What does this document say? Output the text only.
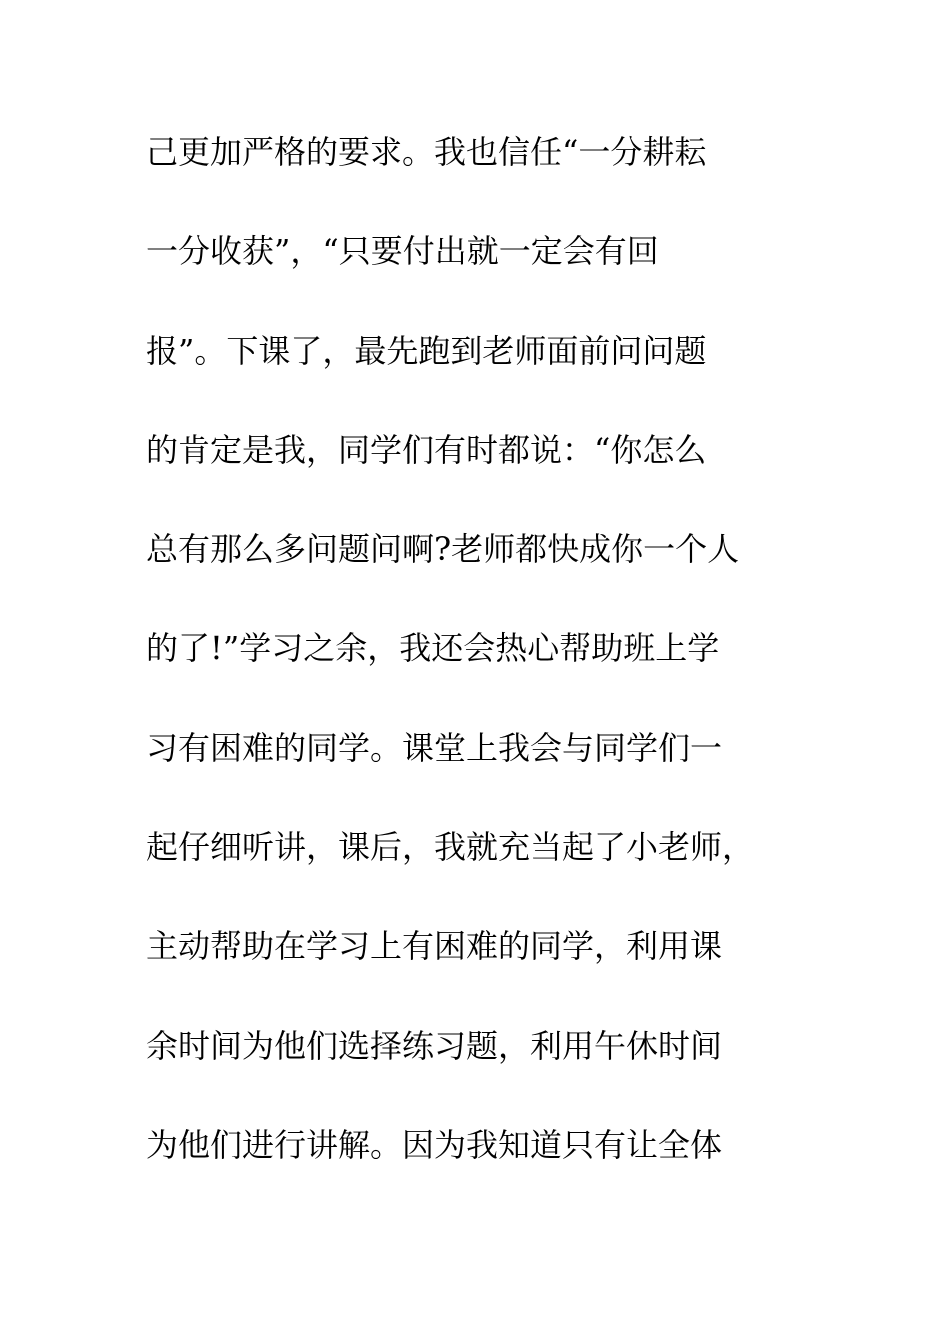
己更加严格的要求。我也信任“一分耕耘
一分收获”，“只要付出就一定会有回
报”。下课了，最先跑到老师面前问问题
的肯定是我，同学们有时都说：“你怎么
总有那么多问题问啊?老师都快成你一个人
的了!”学习之余，我还会热心帮助班上学
习有困难的同学。课堂上我会与同学们一
起仔细听讲，课后，我就充当起了小老师，
主动帮助在学习上有困难的同学，利用课
余时间为他们选择练习题，利用午休时间
为他们进行讲解。因为我知道只有让全体
